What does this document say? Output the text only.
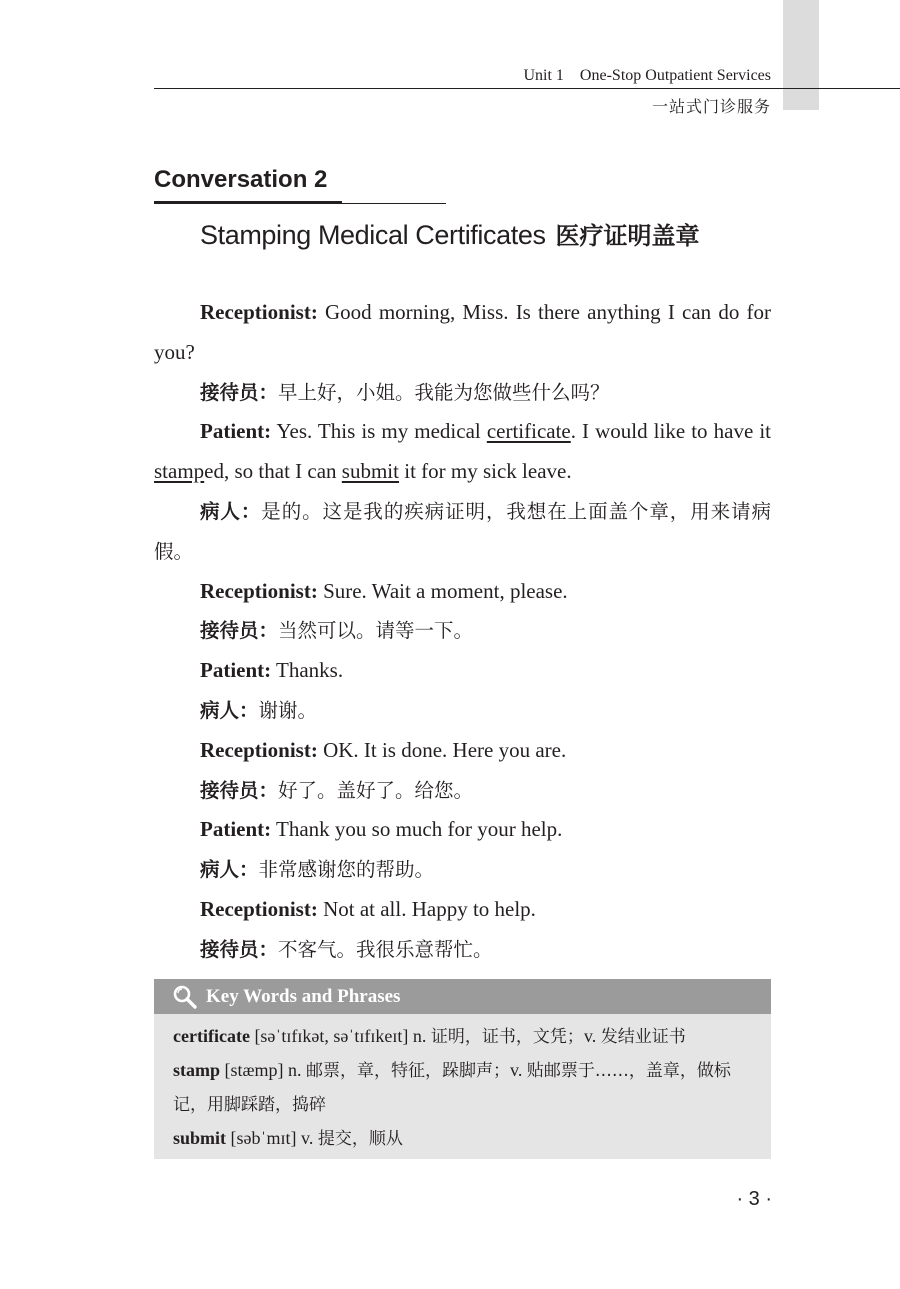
Unit 1    One-Stop Outpatient Services
一站式门诊服务
Conversation 2
Stamping Medical Certificates 医疗证明盖章

Receptionist: Good morning, Miss. Is there anything I can do for you?

接待员：早上好，小姐。我能为您做些什么吗？

Patient: Yes. This is my medical certificate. I would like to have it stamped, so that I can submit it for my sick leave.

病人：是的。这是我的疾病证明，我想在上面盖个章，用来请病假。

Receptionist: Sure. Wait a moment, please.

接待员：当然可以。请等一下。

Patient: Thanks.

病人：谢谢。

Receptionist: OK. It is done. Here you are.

接待员：好了。盖好了。给您。

Patient: Thank you so much for your help.

病人：非常感谢您的帮助。

Receptionist: Not at all. Happy to help.

接待员：不客气。我很乐意帮忙。

Key Words and Phrases
certificate [səˈtɪfɪkət, səˈtɪfɪkeɪt] n. 证明，证书，文凭；v. 发结业证书
stamp [stæmp] n. 邮票，章，特征，跺脚声；v. 贴邮票于……，盖章，做标记，用脚踩踏，捣碎
submit [səbˈmɪt] v. 提交，顺从
· 3 ·
